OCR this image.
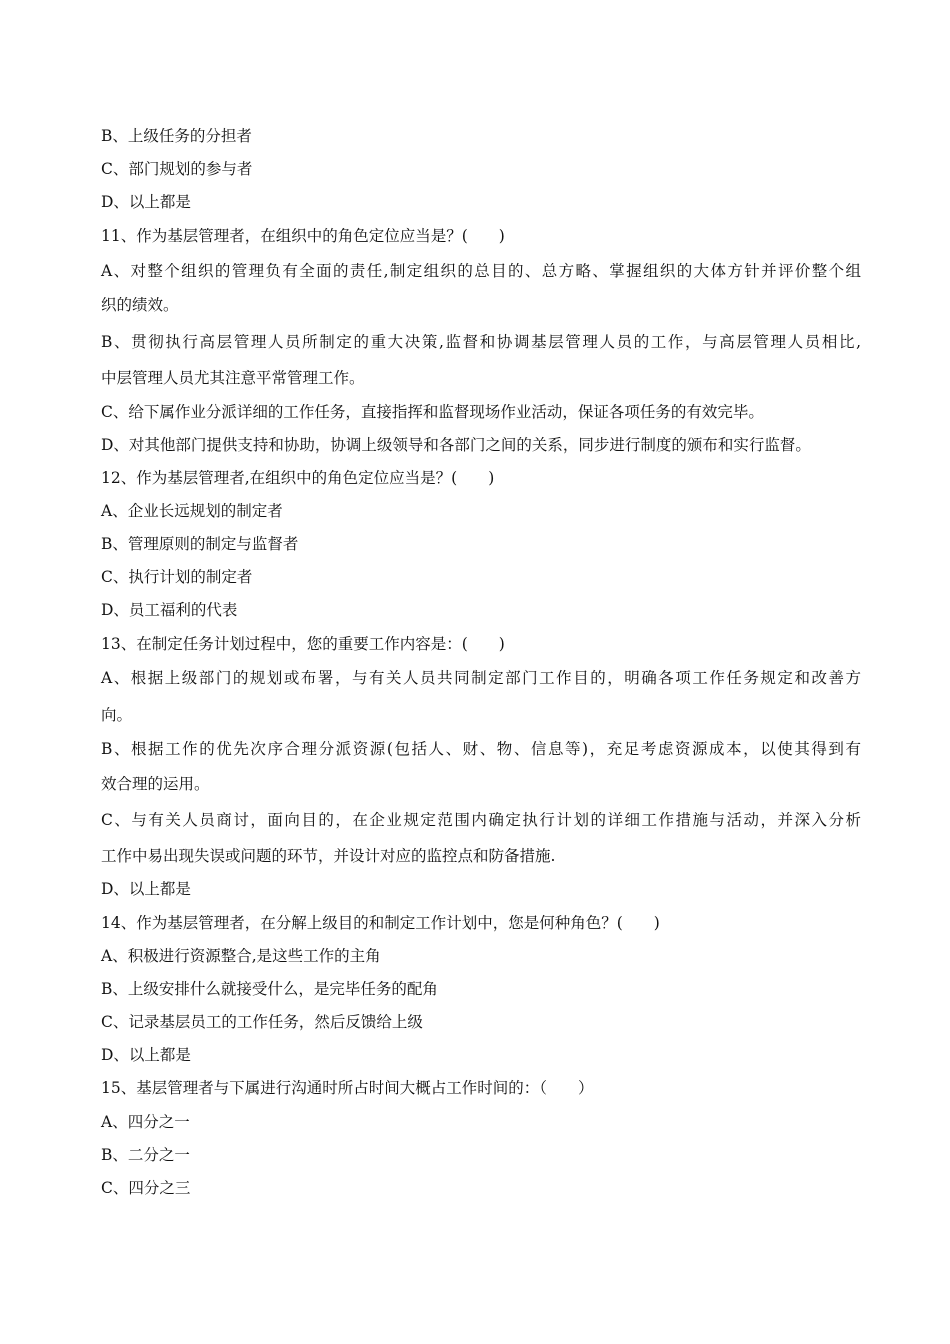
B、上级任务的分担者
C、部门规划的参与者
D、以上都是
11、作为基层管理者，在组织中的角色定位应当是？(　　)
A、对整个组织的管理负有全面的责任,制定组织的总目的、总方略、掌握组织的大体方针并评价整个组
织的绩效。
B、贯彻执行高层管理人员所制定的重大决策,监督和协调基层管理人员的工作，与高层管理人员相比,
中层管理人员尤其注意平常管理工作。
C、给下属作业分派详细的工作任务，直接指挥和监督现场作业活动，保证各项任务的有效完毕。
D、对其他部门提供支持和协助，协调上级领导和各部门之间的关系，同步进行制度的颁布和实行监督。
12、作为基层管理者,在组织中的角色定位应当是？(　　)
A、企业长远规划的制定者
B、管理原则的制定与监督者
C、执行计划的制定者
D、员工福利的代表
13、在制定任务计划过程中，您的重要工作内容是：(　　)
A、根据上级部门的规划或布署，与有关人员共同制定部门工作目的，明确各项工作任务规定和改善方
向。
B、根据工作的优先次序合理分派资源(包括人、财、物、信息等)，充足考虑资源成本，以使其得到有
效合理的运用。
C、与有关人员商讨，面向目的，在企业规定范围内确定执行计划的详细工作措施与活动，并深入分析
工作中易出现失误或问题的环节，并设计对应的监控点和防备措施.
D、以上都是
14、作为基层管理者，在分解上级目的和制定工作计划中，您是何种角色？(　　)
A、积极进行资源整合,是这些工作的主角
B、上级安排什么就接受什么，是完毕任务的配角
C、记录基层员工的工作任务，然后反馈给上级
D、以上都是
15、基层管理者与下属进行沟通时所占时间大概占工作时间的：（　　）
A、四分之一
B、二分之一
C、四分之三
